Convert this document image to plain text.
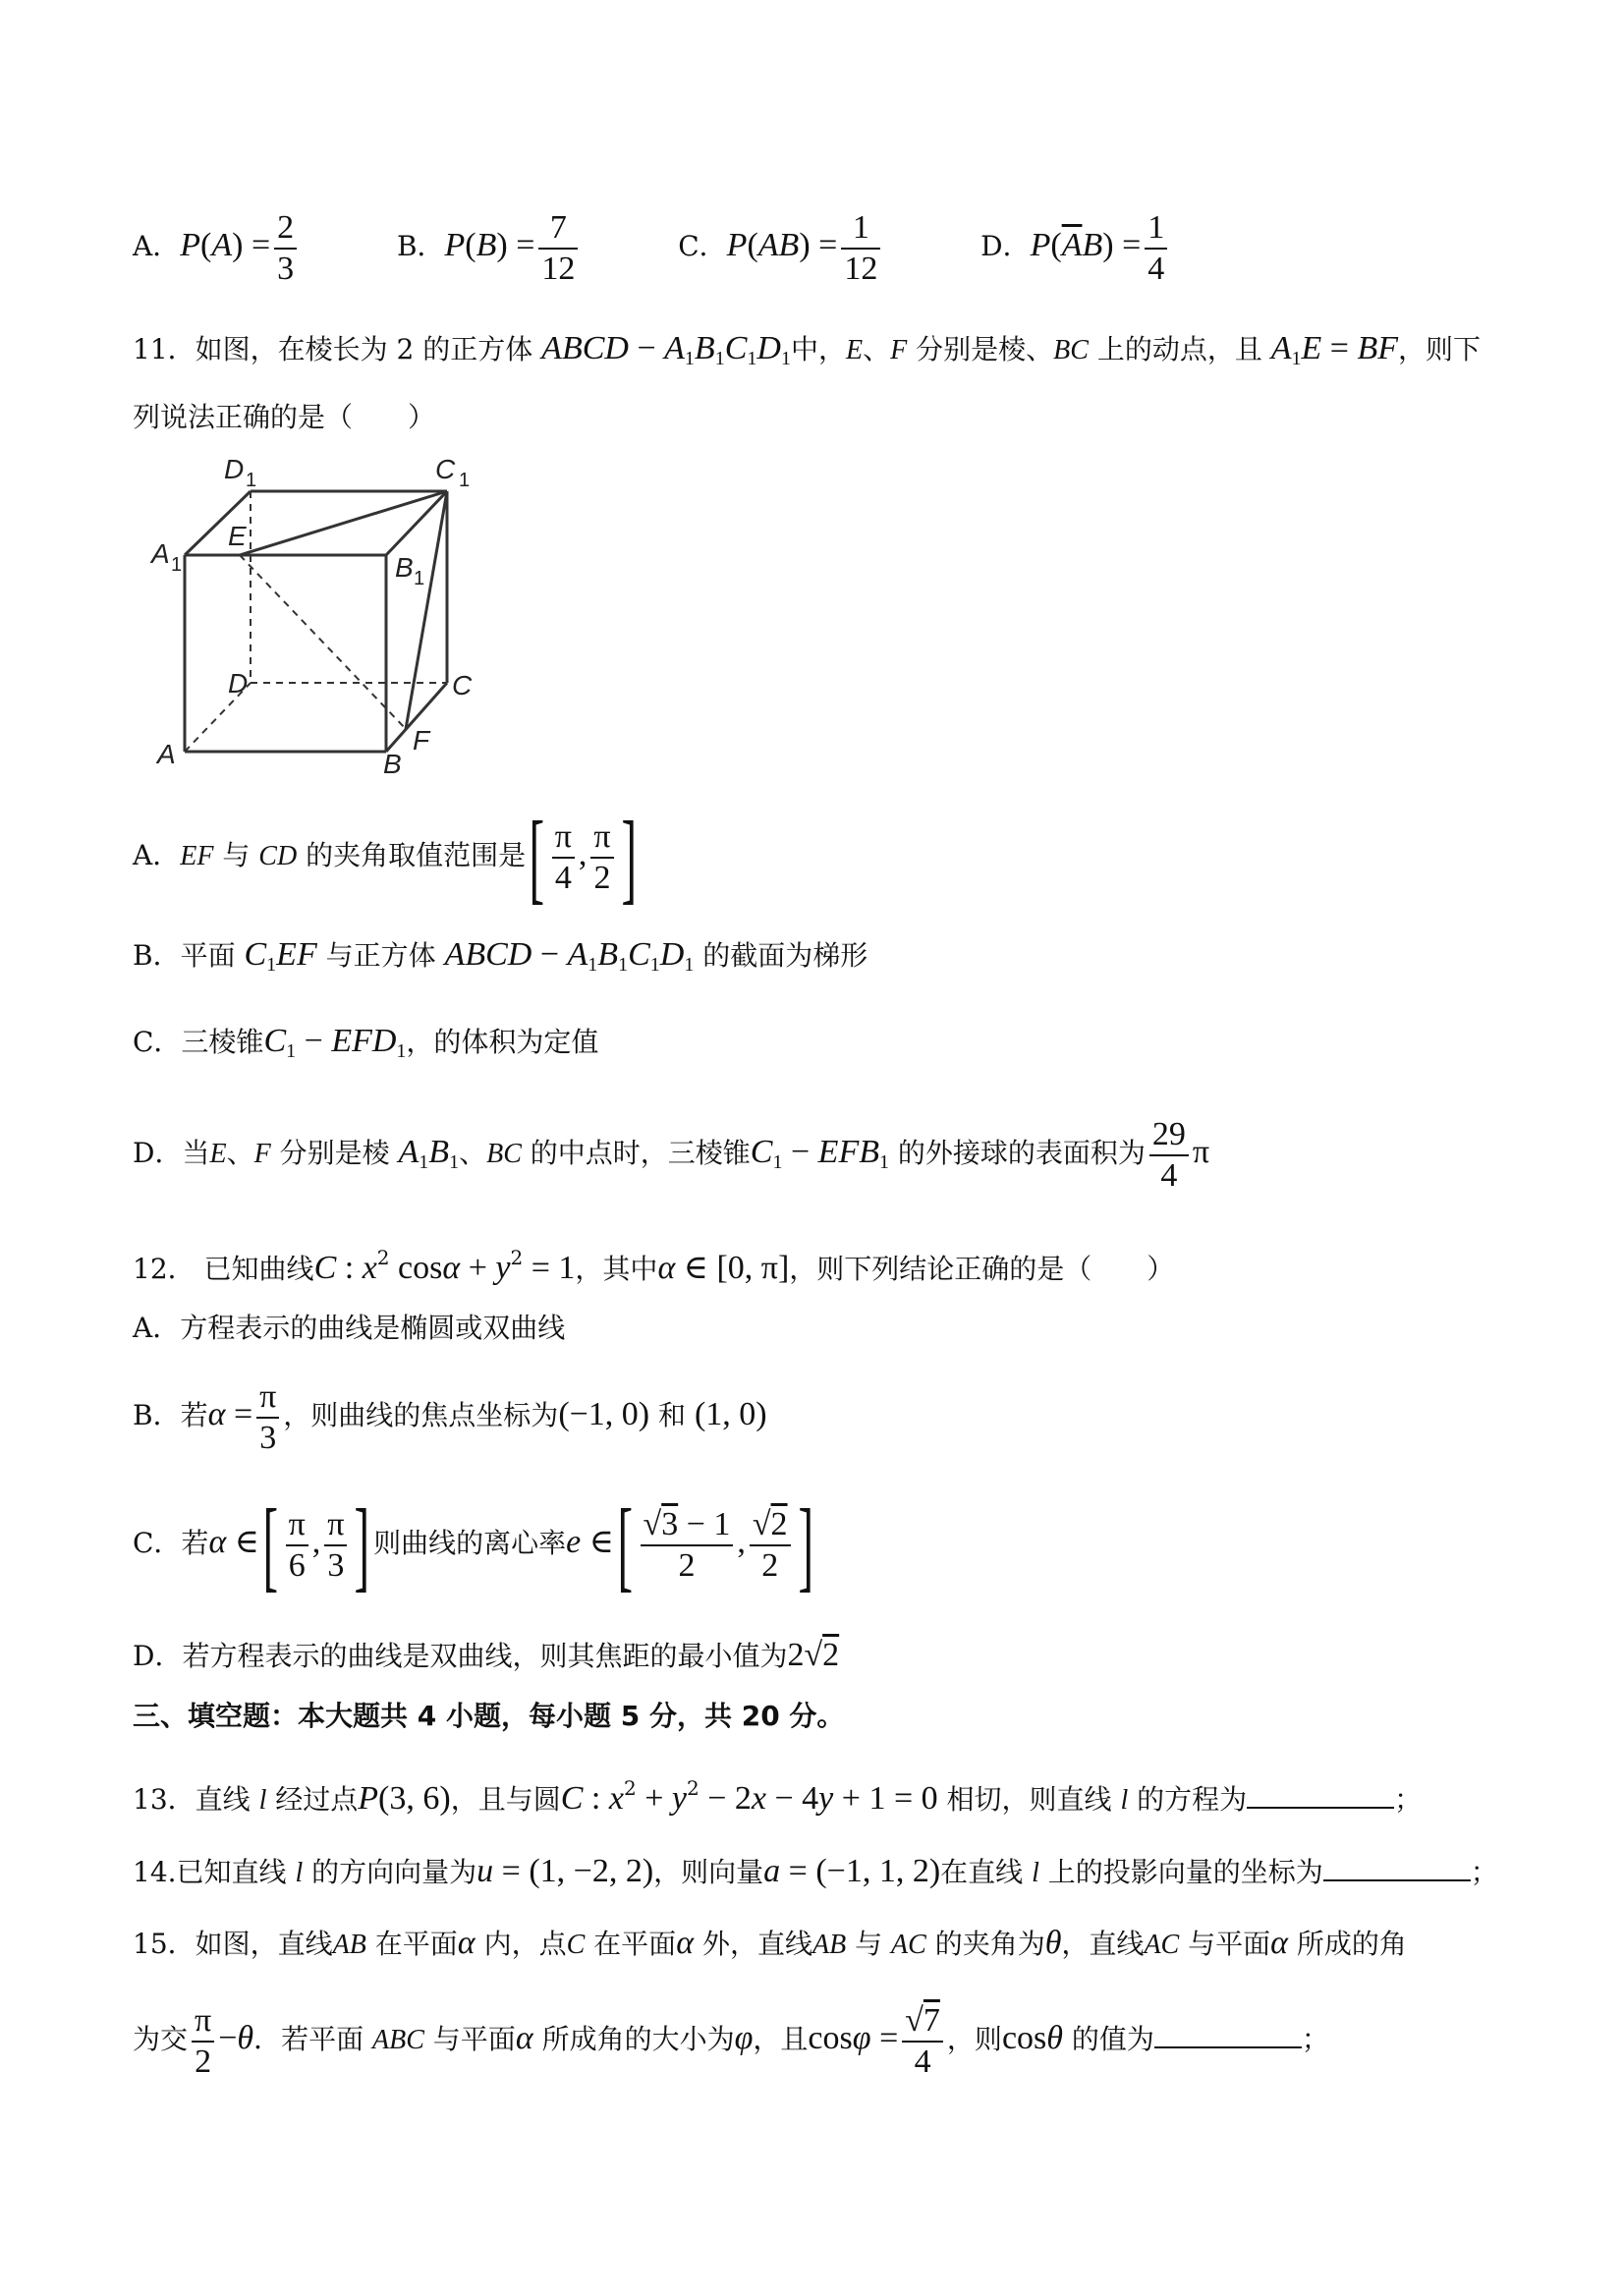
A．$P(A) = \frac{2}{3}$	B．$P(B) = \frac{7}{12}$	C．$P(AB) = \frac{1}{12}$	D．$P(\overline{A}B) = \frac{1}{4}$
11．如图，在棱长为 2 的正方体 ABCD − $A_1B_1C_1D_1$中，E、F 分别是棱、BC 上的动点，且 $A_1E$ = BF，则下
列说法正确的是（　　）
D 1	C 1
A 1	B 1
E
D	C
A	B
F
A．EF 与 CD 的夹角取值范围是[ $\frac{\pi}{4}$ , $\frac{\pi}{2}$ ]
B．平面 $C_1EF$ 与正方体 ABCD − $A_1B_1C_1D_1$ 的截面为梯形
C．三棱锥$C_1 - EFD_1$，的体积为定值
D．当E、F 分别是棱 $A_1B_1$、BC 的中点时，三棱锥$C_1 - EFB_1$ 的外接球的表面积为 $\frac{29}{4}$ π
12． 已知曲线C : $x^2$ $\cos\alpha + y^2 = 1$，其中α ∈ [0, π]，则下列结论正确的是（　　）
A．方程表示的曲线是椭圆或双曲线
B．若$\alpha = \frac{\pi}{3}$ ，则曲线的焦点坐标为(−1, 0) 和 (1, 0)
C．若α ∈[ $\frac{\pi}{6}$ , $\frac{\pi}{3}$ ] 则曲线的离心率e ∈[ $\frac{√3 - 1}{2}$ , $\frac{√2}{2}$ ]
D．若方程表示的曲线是双曲线，则其焦距的最小值为2√2
三、填空题：本大题共 4 小题，每小题 5 分，共 20 分。
13．直线 l 经过点P(3, 6)，且与圆C : $x^2 + y^2 - 2x - 4y + 1 = 0$ 相切，则直线 l 的方程为	；
14.已知直线 l 的方向向量为u = (1, −2, 2)，则向量a = (−1, 1, 2)在直线 l 上的投影向量的坐标为	；
15．如图，直线AB 在平面α 内，点C 在平面α 外，直线AB 与 AC 的夹角为θ，直线AC 与平面α 所成的角
为交 $\frac{\pi}{2} -\theta$．若平面 ABC 与平面α 所成角的大小为φ，且$\cos\varphi = \frac{√7}{4}$ ，则cosθ 的值为	；
